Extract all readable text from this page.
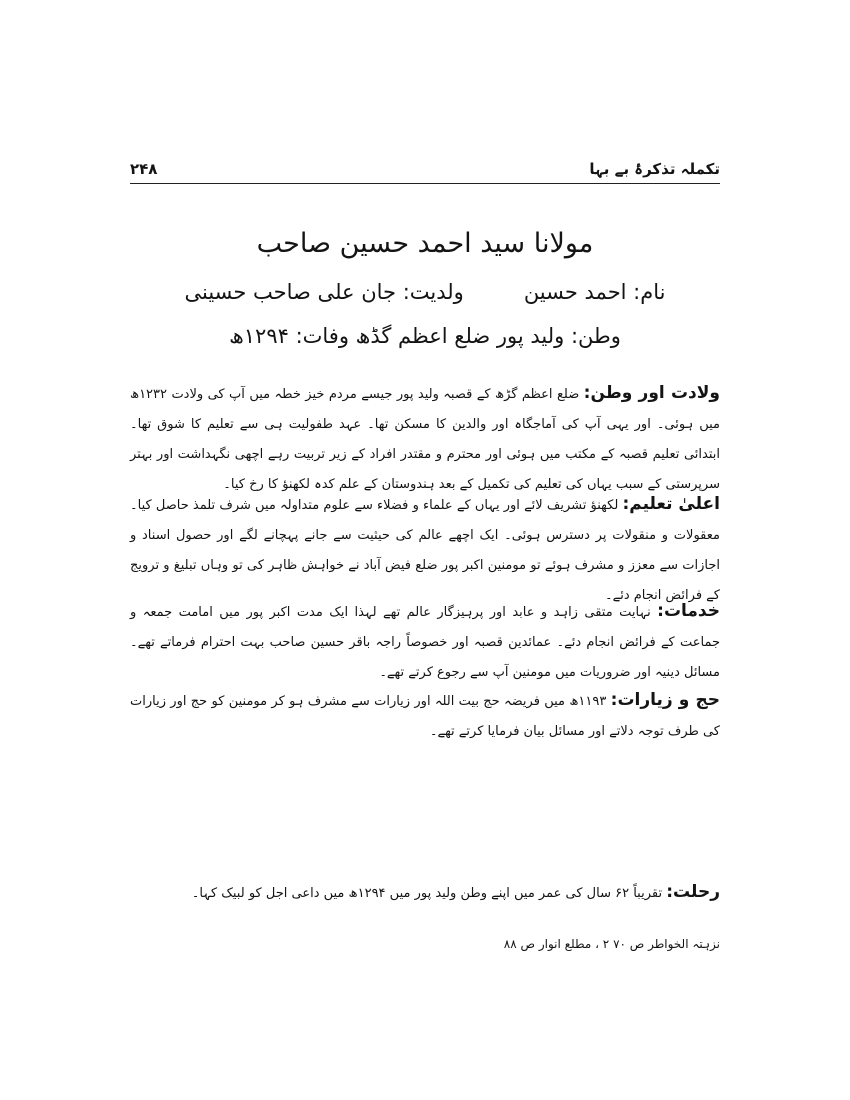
تکملہ تذکرۂ بے بہا
۲۴۸
مولانا سید احمد حسین صاحب
نام: احمد حسینولدیت: جان علی صاحب حسینی
وطن: ولید پور ضلع اعظم گڈھ وفات: ۱۲۹۴ھ
ولادت اور وطن: ضلع اعظم گڑھ کے قصبہ ولید پور جیسے مردم خیز خطہ میں آپ کی ولادت ۱۲۳۲ھ میں ہوئی۔ اور یہی آپ کی آماجگاہ اور والدین کا مسکن تھا۔ عہد طفولیت ہی سے تعلیم کا شوق تھا۔ ابتدائی تعلیم قصبہ کے مکتب میں ہوئی اور محترم و مقتدر افراد کے زیر تربیت رہے اچھی نگہداشت اور بہتر سرپرستی کے سبب یہاں کی تعلیم کی تکمیل کے بعد ہندوستان کے علم کدہ لکھنؤ کا رخ کیا۔
اعلیٰ تعلیم: لکھنؤ تشریف لائے اور یہاں کے علماء و فضلاء سے علوم متداولہ میں شرف تلمذ حاصل کیا۔ معقولات و منقولات پر دسترس ہوئی۔ ایک اچھے عالم کی حیثیت سے جانے پہچانے لگے اور حصول اسناد و اجازات سے معزز و مشرف ہوئے تو مومنین اکبر پور ضلع فیض آباد نے خواہش ظاہر کی تو وہاں تبلیغ و ترویج کے فرائض انجام دئے۔
خدمات: نہایت متقی زاہد و عابد اور پرہیزگار عالم تھے لہذا ایک مدت اکبر پور میں امامت جمعہ و جماعت کے فرائض انجام دئے۔ عمائدین قصبہ اور خصوصاً راجہ باقر حسین صاحب بہت احترام فرماتے تھے۔ مسائل دینیہ اور ضروریات میں مومنین آپ سے رجوع کرتے تھے۔
حج و زیارات: ۱۱۹۳ھ میں فریضہ حج بیت اللہ اور زیارات سے مشرف ہو کر مومنین کو حج اور زیارات کی طرف توجہ دلاتے اور مسائل بیان فرمایا کرتے تھے۔
رحلت: تقریباً ۶۲ سال کی عمر میں اپنے وطن ولید پور میں ۱۲۹۴ھ میں داعی اجل کو لبیک کہا۔
نزہتہ الخواطر ص ۷۰ ۲ ، مطلع انوار ص ۸۸
